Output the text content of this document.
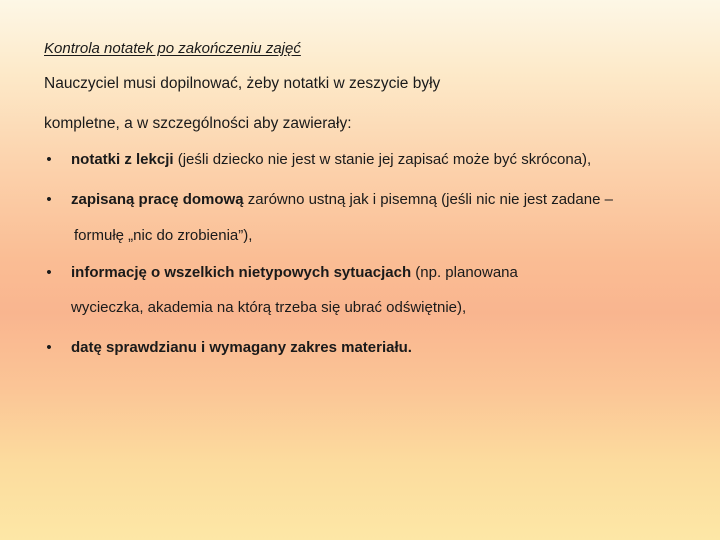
Kontrola notatek po zakończeniu zajęć

Nauczyciel musi dopilnować, żeby notatki w zeszycie były

kompletne, a w szczególności aby zawierały:

• notatki z lekcji (jeśli dziecko nie jest w stanie jej zapisać może być skrócona),
• zapisaną pracę domową zarówno ustną jak i pisemną (jeśli nic nie jest zadane –
formułę „nic do zrobienia”),
• informację o wszelkich nietypowych sytuacjach (np. planowana
wycieczka, akademia na którą trzeba się ubrać odświętnie),
• datę sprawdzianu i wymagany zakres materiału.
